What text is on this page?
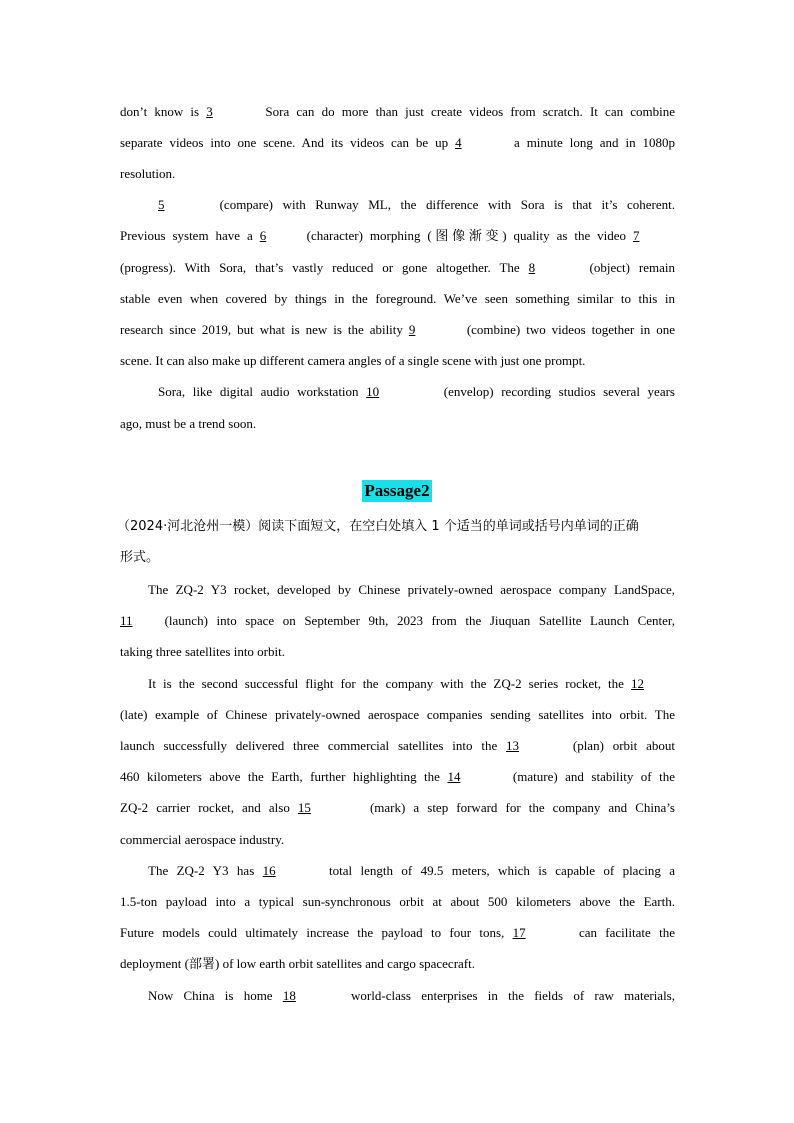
don’t know is 3	Sora can do more than just create videos from scratch. It can combine
separate videos into one scene. And its videos can be up 4	a minute long and in 1080p
resolution.
5	(compare) with Runway ML, the difference with Sora is that it’s coherent.
Previous system have a 6	(character) morphing (图像渐变) quality as the video 7
(progress). With Sora, that’s vastly reduced or gone altogether. The 8	(object) remain
stable even when covered by things in the foreground. We’ve seen something similar to this in
research since 2019, but what is new is the ability 9	(combine) two videos together in one
scene. It can also make up different camera angles of a single scene with just one prompt.
Sora, like digital audio workstation 10	(envelop) recording studios several years
ago, must be a trend soon.
Passage2
（2024·河北沧州一模）阅读下面短文，在空白处填入 1 个适当的单词或括号内单词的正确
形式。
The ZQ-2 Y3 rocket, developed by Chinese privately-owned aerospace company LandSpace,
11 (launch) into space on September 9th, 2023 from the Jiuquan Satellite Launch Center,
taking three satellites into orbit.
It is the second successful flight for the company with the ZQ-2 series rocket, the 12
(late) example of Chinese privately-owned aerospace companies sending satellites into orbit. The
launch successfully delivered three commercial satellites into the 13	(plan) orbit about
460 kilometers above the Earth, further highlighting the 14	(mature) and stability of the
ZQ-2 carrier rocket, and also 15	(mark) a step forward for the company and China’s
commercial aerospace industry.
The ZQ-2 Y3 has 16	total length of 49.5 meters, which is capable of placing a
1.5-ton payload into a typical sun-synchronous orbit at about 500 kilometers above the Earth.
Future models could ultimately increase the payload to four tons, 17	can facilitate the
deployment (部署) of low earth orbit satellites and cargo spacecraft.
Now China is home 18	world-class enterprises in the fields of raw materials,
